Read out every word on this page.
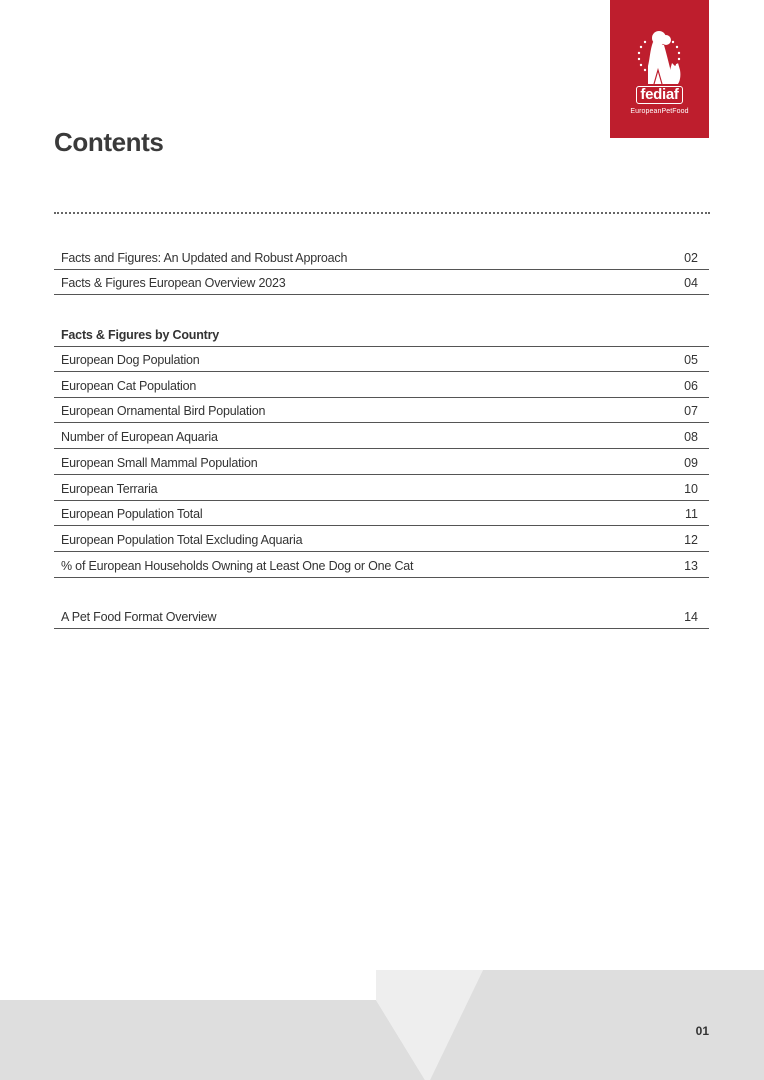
fediaf
EuropeanPetFood
Contents
Facts and Figures: An Updated and Robust Approach	02
Facts & Figures European Overview 2023	04
Facts & Figures by Country
European Dog Population	05
European Cat Population	06
European Ornamental Bird Population	07
Number of European Aquaria	08
European Small Mammal Population	09
European Terraria	10
European Population Total	11
European Population Total Excluding Aquaria	12
% of European Households Owning at Least One Dog or One Cat	13
A Pet Food Format Overview	14
01
